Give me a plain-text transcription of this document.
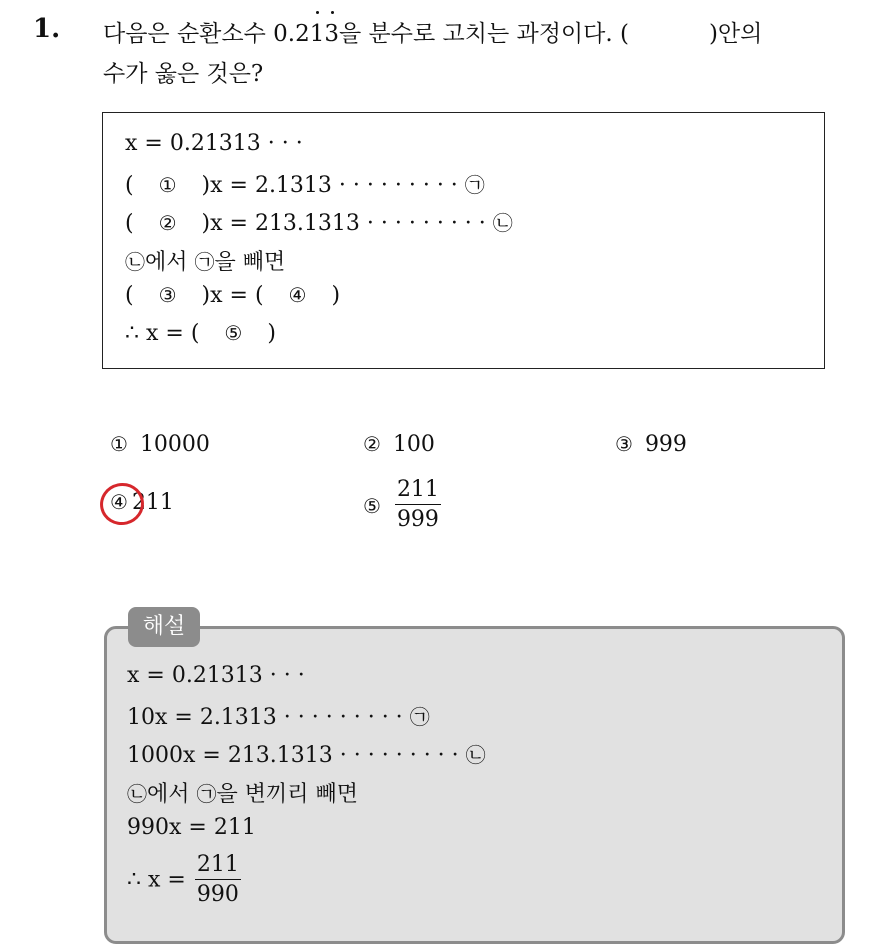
1. 다음은 순환소수 0.213을 분수로 고치는 과정이다. (	)안의
수가 옳은 것은?
x = 0.21313 · · ·
( ① )x = 2.1313 · · · · · · · · · ㉠
( ② )x = 213.1313 · · · · · · · · · ㉡
㉡에서 ㉠을 빼면
( ③ )x = ( ④ )
∴ x = ( ⑤ )
① 10000	② 100	③ 999
④ 211	⑤ $\frac{211}{999}$
x = 0.21313 · · ·
10x = 2.1313 · · · · · · · · · ㉠
1000x = 213.1313 · · · · · · · · · ㉡
㉡에서 ㉠을 변끼리 빼면
990x = 211
∴ $x = \frac{211}{990}$
해설
